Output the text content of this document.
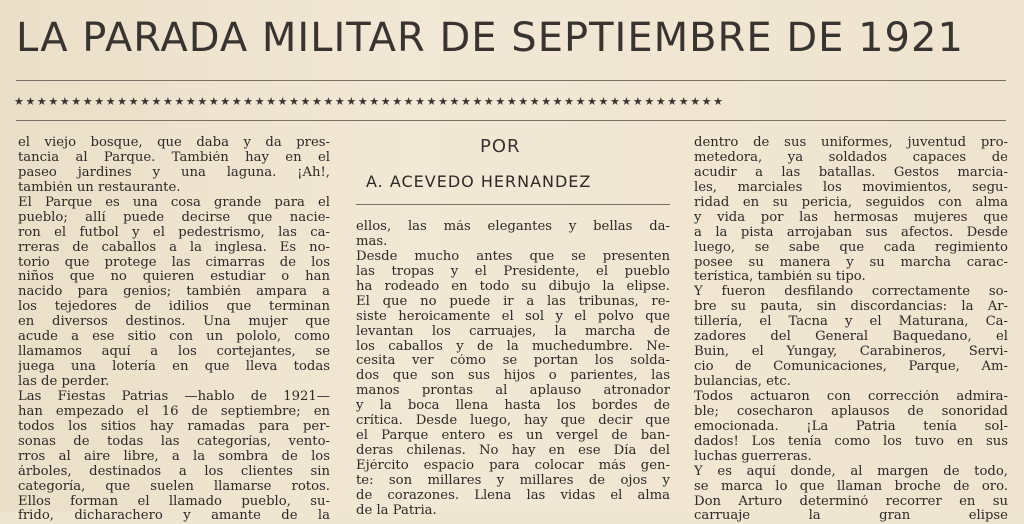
LA PARADA MILITAR DE SEPTIEMBRE DE 1921
★★★★★★★★★★★★★★★★★★★★★★★★★★★★★★★★★★★★★★★★★★★★★★★★★★★★★★★★★★★★★★
el viejo bosque, que daba y da pres-
tancia al Parque. También hay en el
paseo jardines y una laguna. ¡Ah!,
también un restaurante.
El Parque es una cosa grande para el
pueblo; allí puede decirse que nacie-
ron el futbol y el pedestrismo, las ca-
rreras de caballos a la inglesa. Es no-
torio que protege las cimarras de los
niños que no quieren estudiar o han
nacido para genios; también ampara a
los tejedores de idilios que terminan
en diversos destinos. Una mujer que
acude a ese sitio con un pololo, como
llamamos aquí a los cortejantes, se
juega una lotería en que lleva todas
las de perder.
Las Fiestas Patrias —hablo de 1921—
han empezado el 16 de septiembre; en
todos los sitios hay ramadas para per-
sonas de todas las categorías, vento-
rros al aire libre, a la sombra de los
árboles, destinados a los clientes sin
categoría, que suelen llamarse rotos.
Ellos forman el llamado pueblo, su-
frido, dicharachero y amante de la
POR
A. ACEVEDO HERNANDEZ
ellos, las más elegantes y bellas da-
mas.
Desde mucho antes que se presenten
las tropas y el Presidente, el pueblo
ha rodeado en todo su dibujo la elipse.
El que no puede ir a las tribunas, re-
siste heroicamente el sol y el polvo que
levantan los carruajes, la marcha de
los caballos y de la muchedumbre. Ne-
cesita ver cómo se portan los solda-
dos que son sus hijos o parientes, las
manos prontas al aplauso atronador
y la boca llena hasta los bordes de
crítica. Desde luego, hay que decir que
el Parque entero es un vergel de ban-
deras chilenas. No hay en ese Día del
Ejército espacio para colocar más gen-
te: son millares y millares de ojos y
de corazones. Llena las vidas el alma
de la Patria.
dentro de sus uniformes, juventud pro-
metedora, ya soldados capaces de
acudir a las batallas. Gestos marcia-
les, marciales los movimientos, segu-
ridad en su pericia, seguidos con alma
y vida por las hermosas mujeres que
a la pista arrojaban sus afectos. Desde
luego, se sabe que cada regimiento
posee su manera y su marcha carac-
terística, también su tipo.
Y fueron desfilando correctamente so-
bre su pauta, sin discordancias: la Ar-
tillería, el Tacna y el Maturana, Ca-
zadores del General Baquedano, el
Buin, el Yungay, Carabineros, Servi-
cio de Comunicaciones, Parque, Am-
bulancias, etc.
Todos actuaron con corrección admira-
ble; cosecharon aplausos de sonoridad
emocionada. ¡La Patria tenía sol-
dados! Los tenía como los tuvo en sus
luchas guerreras.
Y es aquí donde, al margen de todo,
se marca lo que llaman broche de oro.
Don Arturo determinó recorrer en su
carruaje la gran elipse
